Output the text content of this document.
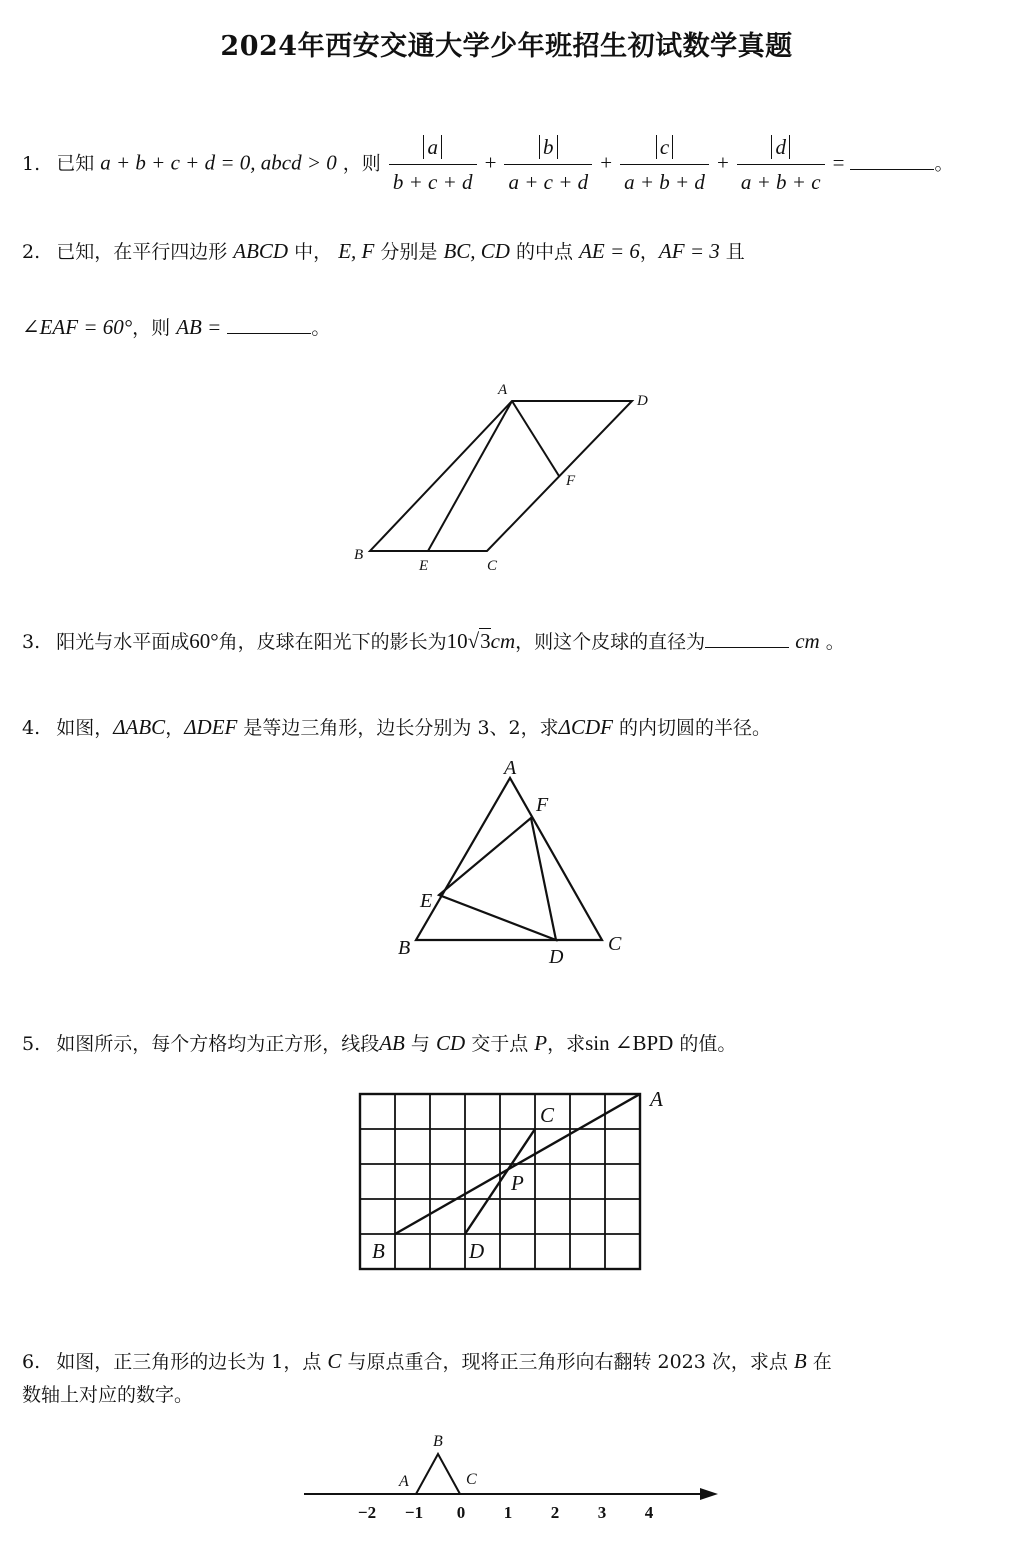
2024年西安交通大学少年班招生初试数学真题
1. 已知 a + b + c + d = 0, abcd > 0 ，则 $\frac{a}{b + c + d} + \frac{b}{a + c + d} + \frac{c}{a + b + d} + \frac{d}{a + b + c}$ =	。
2. 已知，在平行四边形 ABCD 中， E, F 分别是 BC, CD 的中点 AE = 6，AF = 3 且
∠EAF = 60°，则 AB =	。
A
D
F
B
E	C
3. 阳光与水平面成60°角，皮球在阳光下的影长为10√3cm，则这个皮球的直径为	cm 。
4. 如图，ΔABC，ΔDEF 是等边三角形，边长分别为 3、2，求ΔCDF 的内切圆的半径。
A
F
E
B	D
C
5. 如图所示，每个方格均为正方形，线段AB 与 CD 交于点 P，求sin ∠BPD 的值。
A
C
P
B	D
6. 如图，正三角形的边长为 1，点 C 与原点重合，现将正三角形向右翻转 2023 次，求点 B 在
数轴上对应的数字。
B
A	C
−2 −1 0 1 2 3 4
